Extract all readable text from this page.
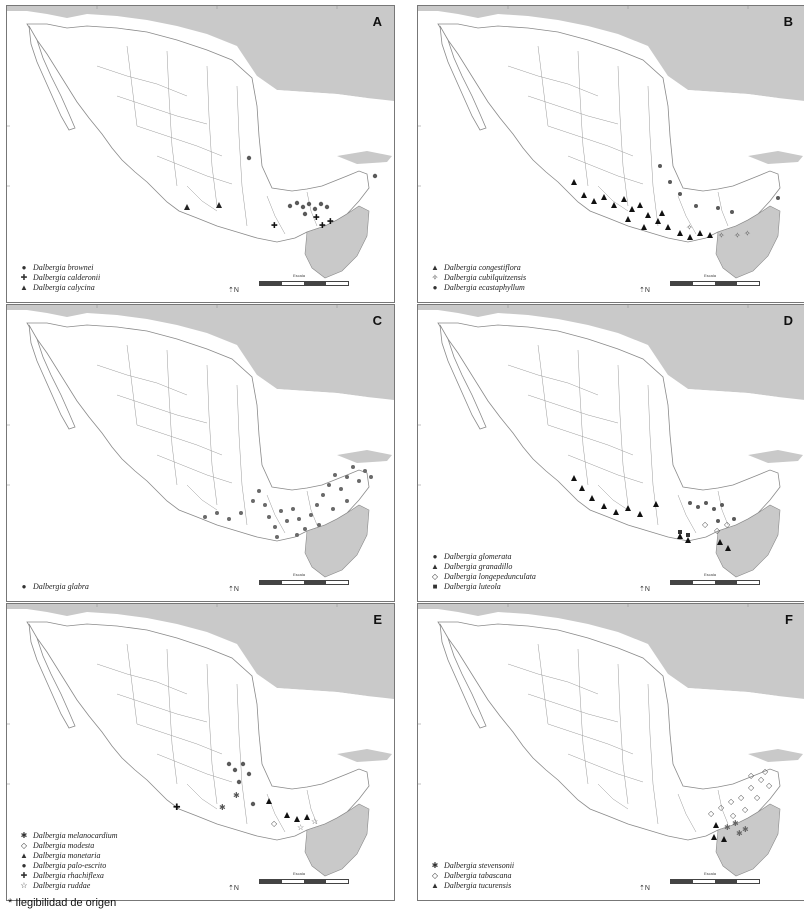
✚
✚
✚ ✚
A
● Dalbergia brownei
✚ Dalbergia calderonii
▲ Dalbergia calycina	⇡N
Escala
✧
✧ ✧ ✧
B
▲ Dalbergia congestiflora
✧ Dalbergia cubilquitzensis
● Dalbergia ecastaphyllum	⇡N
Escala
C
● Dalbergia glabra	⇡N
Escala
◇
◇
◇
D
● Dalbergia glomerata
▲ Dalbergia granadillo
◇ Dalbergia longepedunculata
■ Dalbergia luteola	⇡N
Escala
✚
✱
✱
◇ ☆
☆
E
✱ Dalbergia melanocardium
◇ Dalbergia modesta
▲ Dalbergia monetaria
● Dalbergia palo-escrito
✚ Dalbergia rhachiflexa
☆ Dalbergia ruddae	⇡N
Escala
◇
◇
◇ ◇
◇
◇
◇
◇
◇
◇
◇
◇
✱
✱
✱
✱
F
✱ Dalbergia stevensonii
◇ Dalbergia tabascana
▲ Dalbergia tucurensis	⇡N
Escala
* Ilegibilidad de origen
